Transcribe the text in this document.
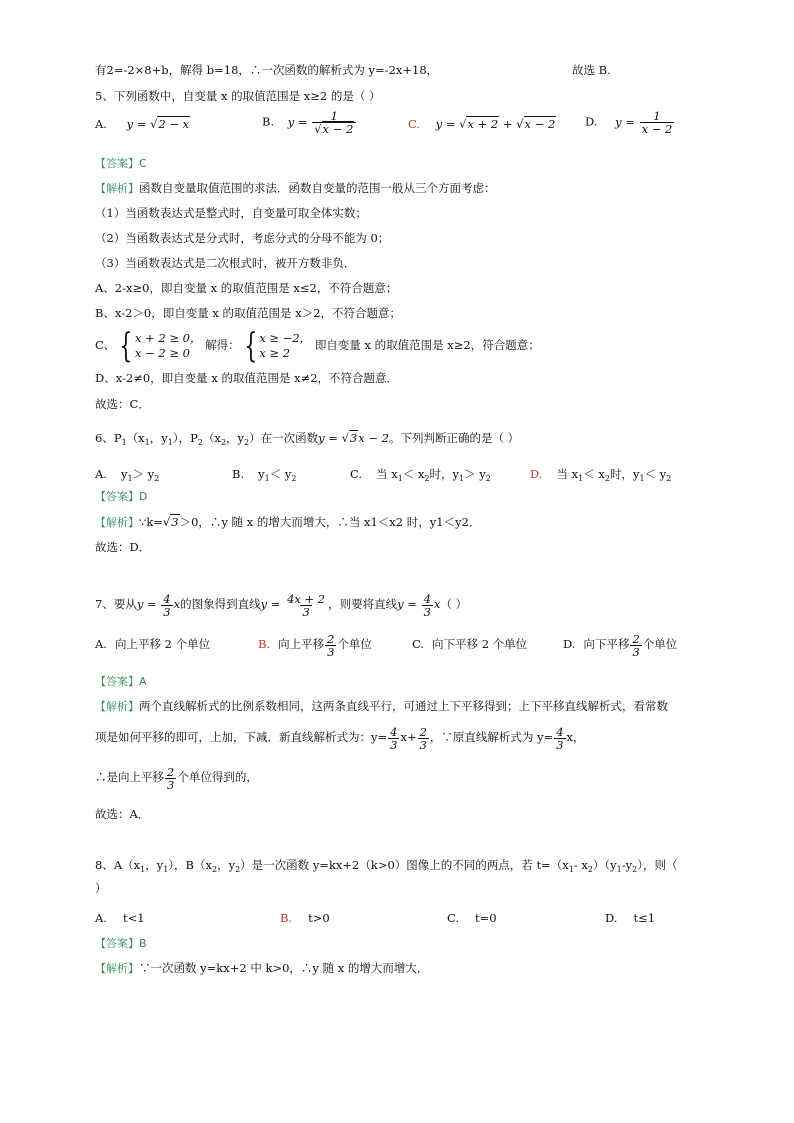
有2=-2×8+b，解得 b=18，∴一次函数的解析式为 y=-2x+18，	故选 B.
5、下列函数中，自变量 x 的取值范围是 x≥2 的是（ ）
A. y = √2 − x	B. $y = \frac{1}{√x - 2}$	C. y = √x + 2 + √x − 2	D. $y = \frac{1}{x - 2}$
【答案】C
【解析】函数自变量取值范围的求法．函数自变量的范围一般从三个方面考虑：
（1）当函数表达式是整式时，自变量可取全体实数；
（2）当函数表达式是分式时，考虑分式的分母不能为 0；
（3）当函数表达式是二次根式时，被开方数非负．
A、2-x≥0，即自变量 x 的取值范围是 x≤2，不符合题意；
B、x-2＞0，即自变量 x 的取值范围是 x＞2，不符合题意；
C、 { x + 2 ≥ 0，
x − 2 ≥ 0
解得： { x ≥ −2，
x ≥ 2
即自变量 x 的取值范围是 x≥2，符合题意；
D、x-2≠0，即自变量 x 的取值范围是 x≠2，不符合题意．
故选：C．
6、$P_1(x_1$，$y_1$），$P_2(x_2$，$y_2$）在一次函数y = √3x − 2。下列判断正确的是（ ）
A. $y_1> y_2$	B. $y_1< y_2$	C. 当 $x_1< x_2$时，$y_1> y_2$	D. 当 $x_1< x_2$时，$y_1< y_2$
【答案】D
【解析】∵k=√3＞0，∴y 随 x 的增大而增大，∴当 x1＜x2 时，y1＜y2．
故选：D．
7、要从$y = \frac{4}{3}$ x的图象得到直线$y = \frac{4x + 2}{3}$ ，则要将直线$y = \frac{4}{3} x$（ ）
A. 向上平移 2 个单位	B. 向上平移 $\frac{2}{3}$ 个单位	C. 向下平移 2 个单位	D. 向下平移 $\frac{2}{3}$ 个单位
【答案】A
【解析】两个直线解析式的比例系数相同，这两条直线平行，可通过上下平移得到；上下平移直线解析式，看常数
项是如何平移的即可，上加，下减．新直线解析式为：$y= \frac{4}{3} x+ \frac{2}{3}$ ，∵原直线解析式为 $y= \frac{4}{3}$ x，
∴是向上平移 $\frac{2}{3}$ 个单位得到的，
故选：A．
8、$A(x_1$，$y_1$），$B(x_2$，$y_2$）是一次函数 y=kx+2（k>0）图像上的不同的两点，若 $t=(x_1-$ $x_2)(y_1-y_2)$，则（
）
A. t<1	B. t>0	C. t=0	D. t≤1
【答案】B
【解析】∵一次函数 y=kx+2 中 k>0，∴y 随 x 的增大而增大．
